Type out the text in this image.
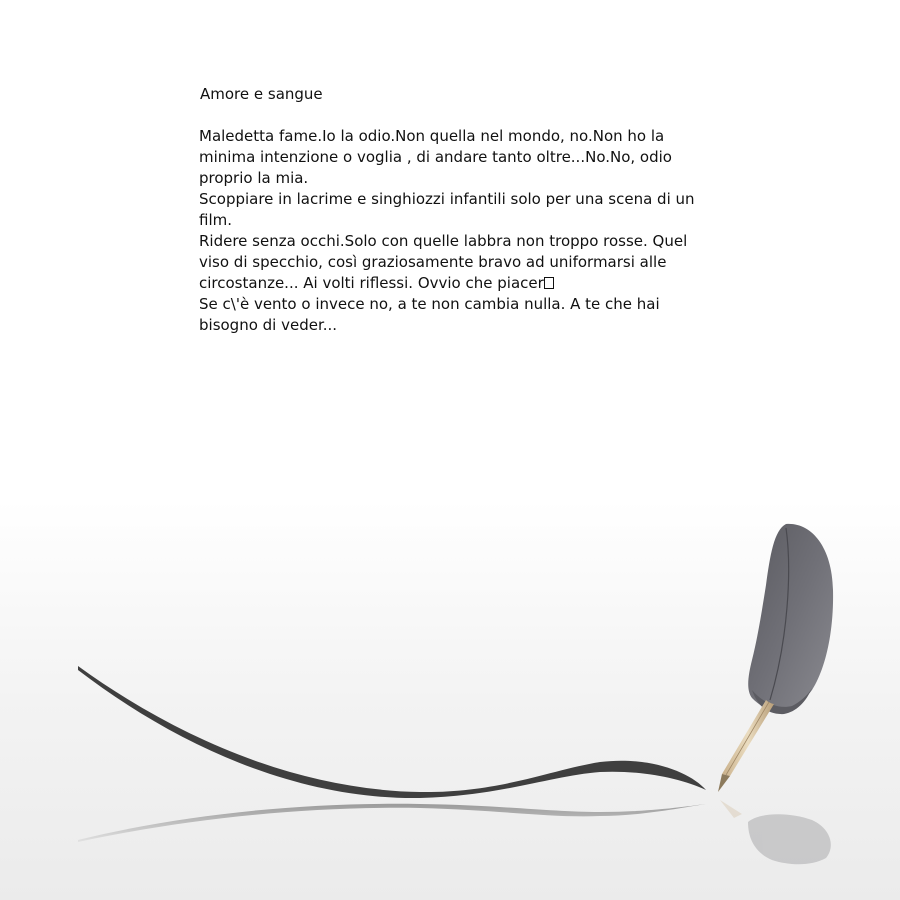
Amore e sangue

Maledetta fame.Io la odio.Non quella nel mondo, no.Non ho la minima intenzione o voglia , di andare tanto oltre...No.No, odio proprio la mia.

Scoppiare in lacrime e singhiozzi infantili solo per una scena di un film.

Ridere senza occhi.Solo con quelle labbra non troppo rosse. Quel viso di specchio, così graziosamente bravo ad uniformarsi alle circostanze... Ai volti riflessi. Ovvio che piacer

Se c\'è vento o invece no, a te non cambia nulla. A te che hai bisogno di veder...
